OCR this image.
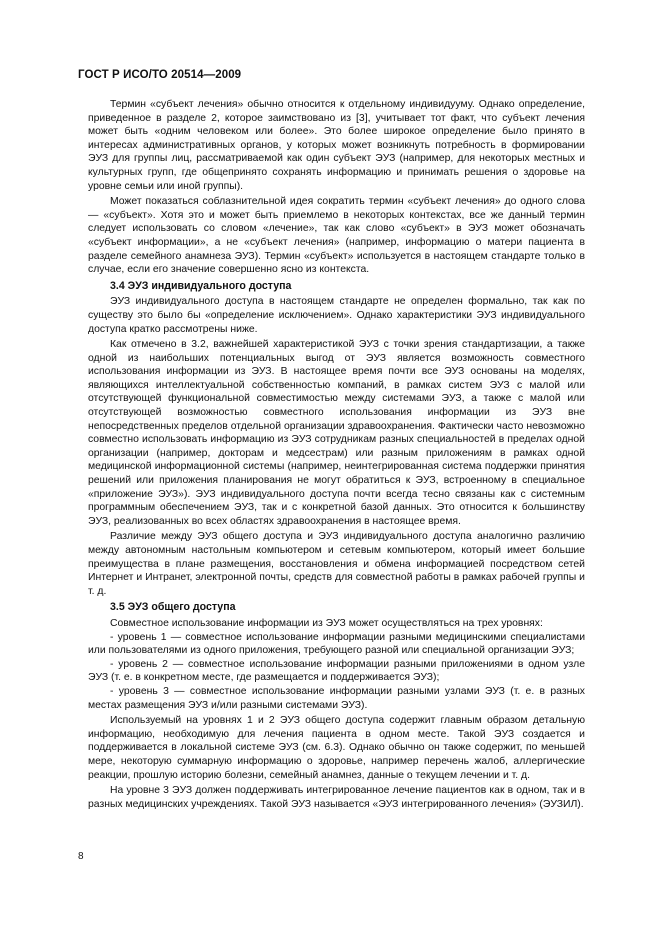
ГОСТ Р ИСО/ТО 20514—2009

Термин «субъект лечения» обычно относится к отдельному индивидууму. Однако определение, приведенное в разделе 2, которое заимствовано из [3], учитывает тот факт, что субъект лечения может быть «одним человеком или более». Это более широкое определение было принято в интересах административных органов, у которых может возникнуть потребность в формировании ЭУЗ для группы лиц, рассматриваемой как один субъект ЭУЗ (например, для некоторых местных и культурных групп, где общепринято сохранять информацию и принимать решения о здоровье на уровне семьи или иной группы).

Может показаться соблазнительной идея сократить термин «субъект лечения» до одного слова — «субъект». Хотя это и может быть приемлемо в некоторых контекстах, все же данный термин следует использовать со словом «лечение», так как слово «субъект» в ЭУЗ может обозначать «субъект информации», а не «субъект лечения» (например, информацию о матери пациента в разделе семейного анамнеза ЭУЗ). Термин «субъект» используется в настоящем стандарте только в случае, если его значение совершенно ясно из контекста.

3.4 ЭУЗ индивидуального доступа

ЭУЗ индивидуального доступа в настоящем стандарте не определен формально, так как по существу это было бы «определение исключением». Однако характеристики ЭУЗ индивидуального доступа кратко рассмотрены ниже.

Как отмечено в 3.2, важнейшей характеристикой ЭУЗ с точки зрения стандартизации, а также одной из наибольших потенциальных выгод от ЭУЗ является возможность совместного использования информации из ЭУЗ. В настоящее время почти все ЭУЗ основаны на моделях, являющихся интеллектуальной собственностью компаний, в рамках систем ЭУЗ с малой или отсутствующей функциональной совместимостью между системами ЭУЗ, а также с малой или отсутствующей возможностью совместного использования информации из ЭУЗ вне непосредственных пределов отдельной организации здравоохранения. Фактически часто невозможно совместно использовать информацию из ЭУЗ сотрудникам разных специальностей в пределах одной организации (например, докторам и медсестрам) или разным приложениям в рамках одной медицинской информационной системы (например, неинтегрированная система поддержки принятия решений или приложения планирования не могут обратиться к ЭУЗ, встроенному в специальное «приложение ЭУЗ»). ЭУЗ индивидуального доступа почти всегда тесно связаны как с системным программным обеспечением ЭУЗ, так и с конкретной базой данных. Это относится к большинству ЭУЗ, реализованных во всех областях здравоохранения в настоящее время.

Различие между ЭУЗ общего доступа и ЭУЗ индивидуального доступа аналогично различию между автономным настольным компьютером и сетевым компьютером, который имеет большие преимущества в плане размещения, восстановления и обмена информацией посредством сетей Интернет и Интранет, электронной почты, средств для совместной работы в рамках рабочей группы и т. д.

3.5 ЭУЗ общего доступа

Совместное использование информации из ЭУЗ может осуществляться на трех уровнях:

- уровень 1 — совместное использование информации разными медицинскими специалистами или пользователями из одного приложения, требующего разной или специальной организации ЭУЗ;

- уровень 2 — совместное использование информации разными приложениями в одном узле ЭУЗ (т. е. в конкретном месте, где размещается и поддерживается ЭУЗ);

- уровень 3 — совместное использование информации разными узлами ЭУЗ (т. е. в разных местах размещения ЭУЗ и/или разными системами ЭУЗ).

Используемый на уровнях 1 и 2 ЭУЗ общего доступа содержит главным образом детальную информацию, необходимую для лечения пациента в одном месте. Такой ЭУЗ создается и поддерживается в локальной системе ЭУЗ (см. 6.3). Однако обычно он также содержит, по меньшей мере, некоторую суммарную информацию о здоровье, например перечень жалоб, аллергические реакции, прошлую историю болезни, семейный анамнез, данные о текущем лечении и т. д.

На уровне 3 ЭУЗ должен поддерживать интегрированное лечение пациентов как в одном, так и в разных медицинских учреждениях. Такой ЭУЗ называется «ЭУЗ интегрированного лечения» (ЭУЗИЛ).

8
